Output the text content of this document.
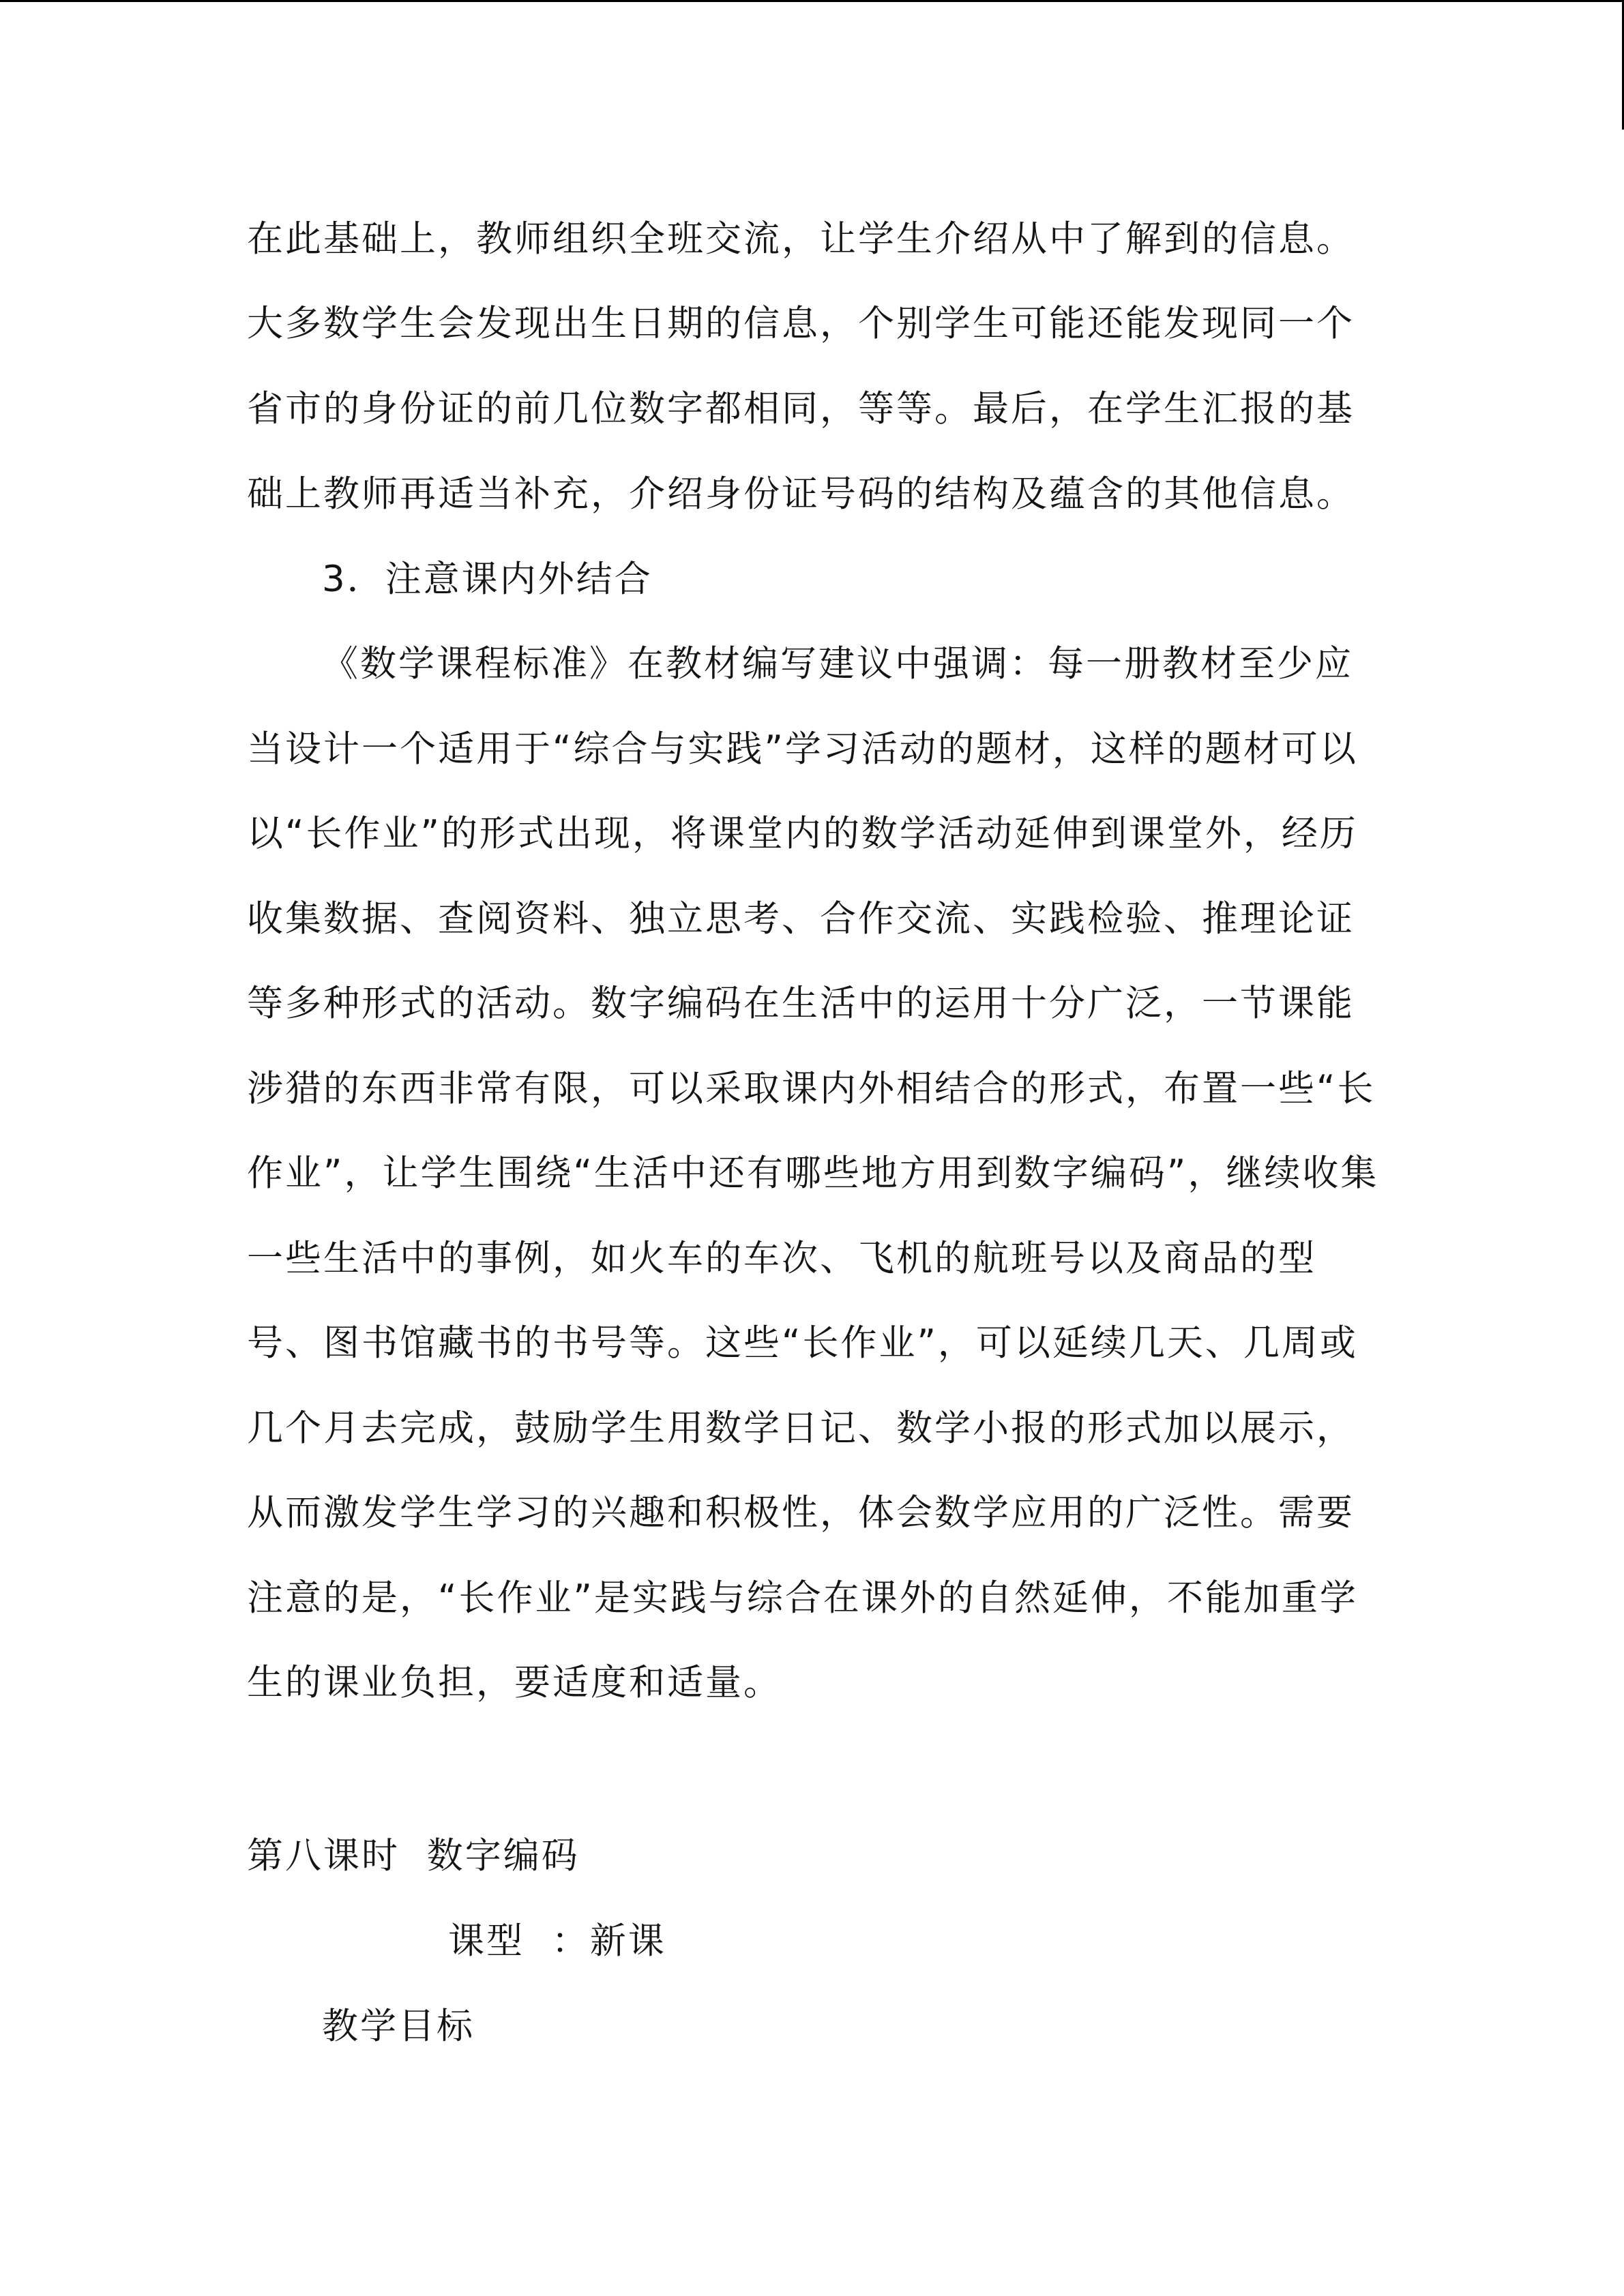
在此基础上，教师组织全班交流，让学生介绍从中了解到的信息。
大多数学生会发现出生日期的信息，个别学生可能还能发现同一个
省市的身份证的前几位数字都相同，等等。最后，在学生汇报的基
础上教师再适当补充，介绍身份证号码的结构及蕴含的其他信息。
3．注意课内外结合
《数学课程标准》在教材编写建议中强调：每一册教材至少应
当设计一个适用于“综合与实践”学习活动的题材，这样的题材可以
以“长作业”的形式出现，将课堂内的数学活动延伸到课堂外，经历
收集数据、查阅资料、独立思考、合作交流、实践检验、推理论证
等多种形式的活动。数字编码在生活中的运用十分广泛，一节课能
涉猎的东西非常有限，可以采取课内外相结合的形式，布置一些“长
作业”，让学生围绕“生活中还有哪些地方用到数字编码”，继续收集
一些生活中的事例，如火车的车次、飞机的航班号以及商品的型
号、图书馆藏书的书号等。这些“长作业”，可以延续几天、几周或
几个月去完成，鼓励学生用数学日记、数学小报的形式加以展示，
从而激发学生学习的兴趣和积极性，体会数学应用的广泛性。需要
注意的是，“长作业”是实践与综合在课外的自然延伸，不能加重学
生的课业负担，要适度和适量。
第八课时  数字编码
课型  ：新课
教学目标
